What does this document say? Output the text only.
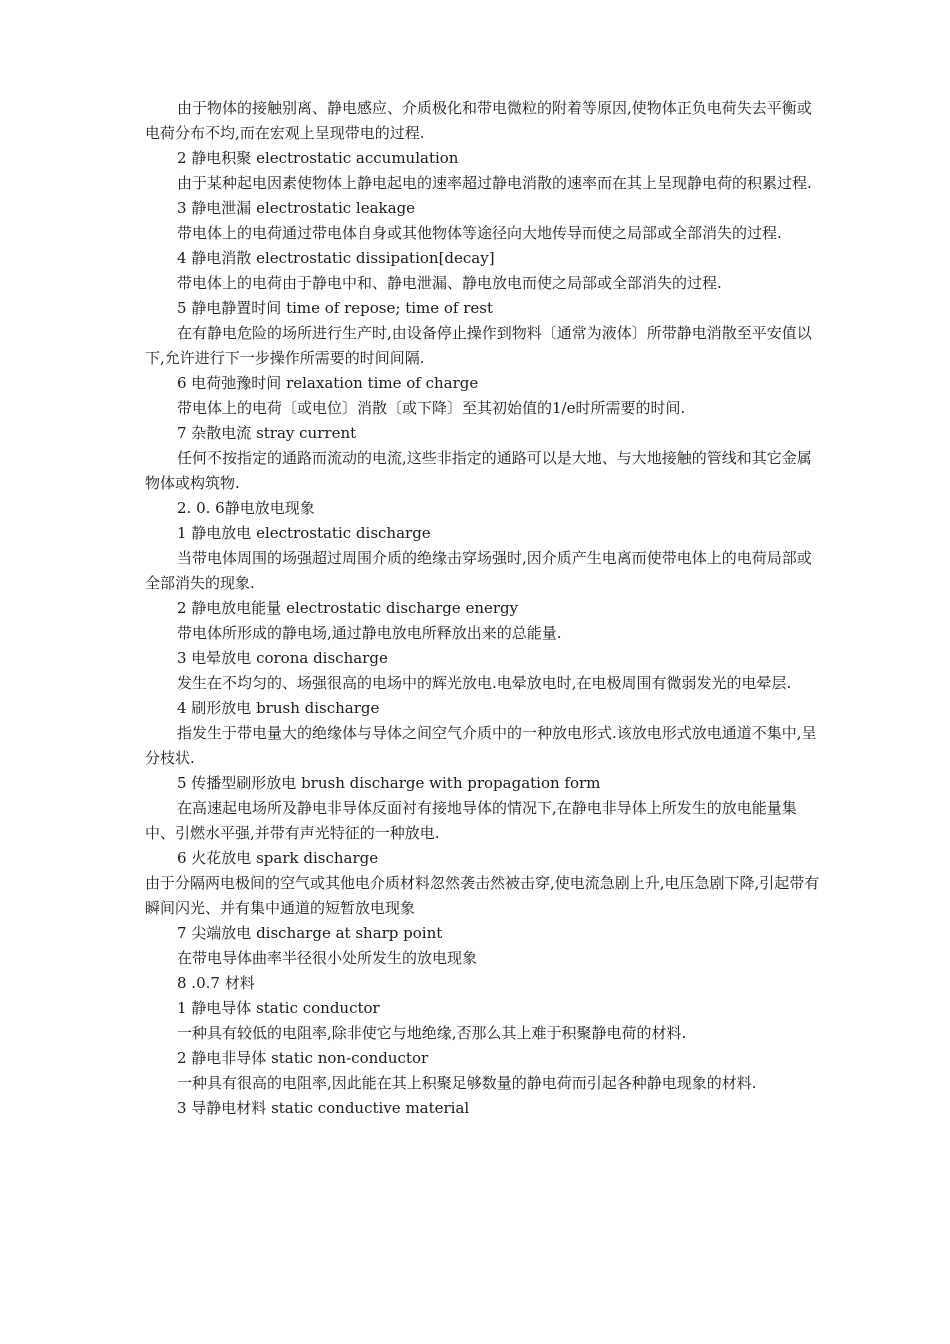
由于物体的接触别离、静电感应、介质极化和带电微粒的附着等原因,使物体正负电荷失去平衡或电荷分布不均,而在宏观上呈现带电的过程.

2 静电积聚 electrostatic accumulation

由于某种起电因素使物体上静电起电的速率超过静电消散的速率而在其上呈现静电荷的积累过程.

3 静电泄漏 electrostatic leakage

带电体上的电荷通过带电体自身或其他物体等途径向大地传导而使之局部或全部消失的过程.

4 静电消散 electrostatic dissipation[decay]

带电体上的电荷由于静电中和、静电泄漏、静电放电而使之局部或全部消失的过程.

5 静电静置时间 time of repose; time of rest

在有静电危险的场所进行生产时,由设备停止操作到物料〔通常为液体〕所带静电消散至平安值以下,允许进行下一步操作所需要的时间间隔.

6 电荷弛豫时间 relaxation time of charge

带电体上的电荷〔或电位〕消散〔或下降〕至其初始值的1/e时所需要的时间.

7 杂散电流 stray current

任何不按指定的通路而流动的电流,这些非指定的通路可以是大地、与大地接触的管线和其它金属物体或构筑物.

2. 0. 6静电放电现象

1 静电放电 electrostatic discharge

当带电体周围的场强超过周围介质的绝缘击穿场强时,因介质产生电离而使带电体上的电荷局部或全部消失的现象.

2 静电放电能量 electrostatic discharge energy

带电体所形成的静电场,通过静电放电所释放出来的总能量.

3 电晕放电 corona discharge

发生在不均匀的、场强很高的电场中的辉光放电.电晕放电时,在电极周围有微弱发光的电晕层.

4 刷形放电 brush discharge

指发生于带电量大的绝缘体与导体之间空气介质中的一种放电形式.该放电形式放电通道不集中,呈分枝状.

5 传播型刷形放电 brush discharge with propagation form

在高速起电场所及静电非导体反面衬有接地导体的情况下,在静电非导体上所发生的放电能量集中、引燃水平强,并带有声光特征的一种放电.

6 火花放电 spark discharge

由于分隔两电极间的空气或其他电介质材料忽然袭击然被击穿,使电流急剧上升,电压急剧下降,引起带有瞬间闪光、并有集中通道的短暂放电现象

7 尖端放电 discharge at sharp point

在带电导体曲率半径很小处所发生的放电现象

8 .0.7 材料

1 静电导体 static conductor

一种具有较低的电阻率,除非使它与地绝缘,否那么其上难于积聚静电荷的材料.

2 静电非导体 static non-conductor

一种具有很高的电阻率,因此能在其上积聚足够数量的静电荷而引起各种静电现象的材料.

3 导静电材料 static conductive material
